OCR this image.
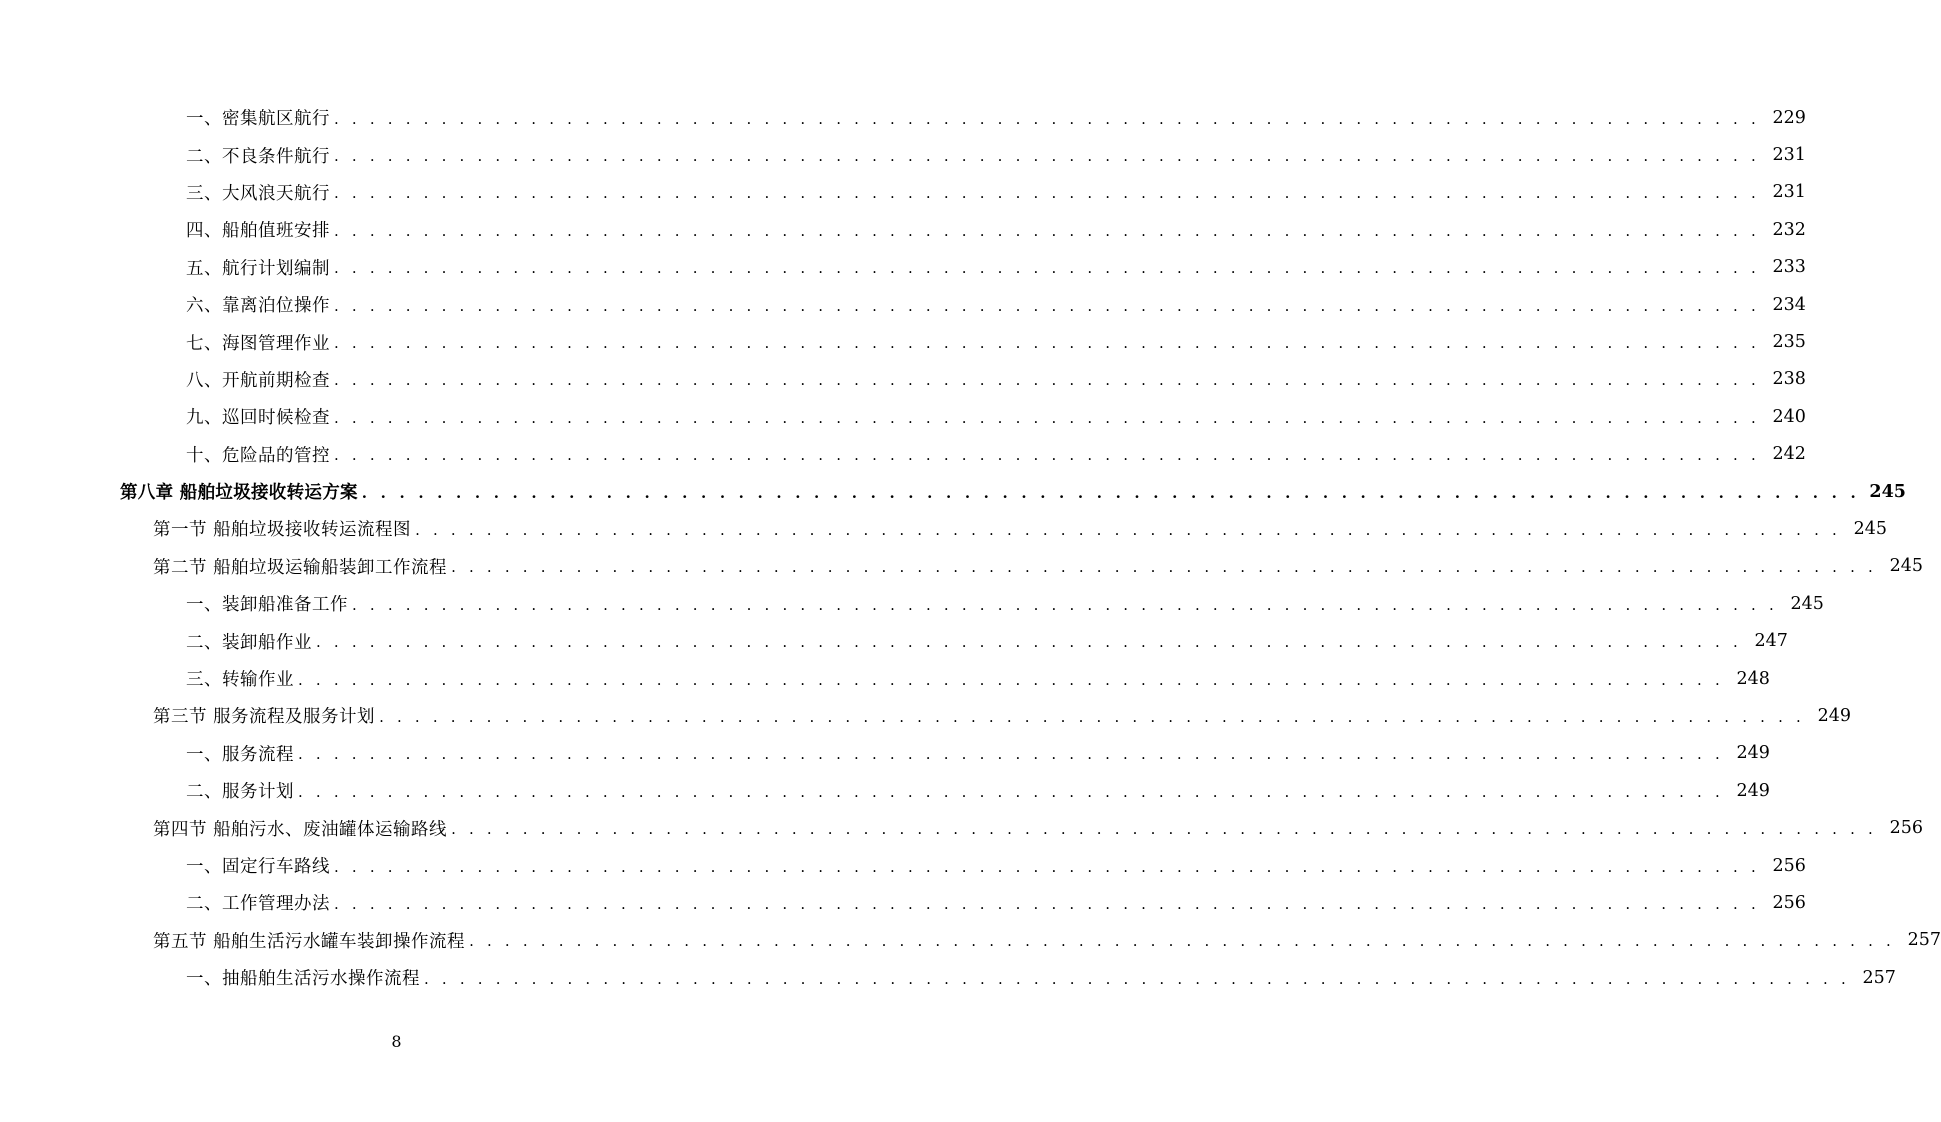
一、密集航区航行 . . . . . . . . . . . . . . . . . . . . . . . . . . . . . . . . . . . . . . . . . . . . . . . . . . . . . . . . . . . . . . . . . . . . . . . . . . . . . . . . 229
二、不良条件航行 . . . . . . . . . . . . . . . . . . . . . . . . . . . . . . . . . . . . . . . . . . . . . . . . . . . . . . . . . . . . . . . . . . . . . . . . . . . . . . . . 231
三、大风浪天航行 . . . . . . . . . . . . . . . . . . . . . . . . . . . . . . . . . . . . . . . . . . . . . . . . . . . . . . . . . . . . . . . . . . . . . . . . . . . . . . . . 231
四、船舶值班安排 . . . . . . . . . . . . . . . . . . . . . . . . . . . . . . . . . . . . . . . . . . . . . . . . . . . . . . . . . . . . . . . . . . . . . . . . . . . . . . . . 232
五、航行计划编制 . . . . . . . . . . . . . . . . . . . . . . . . . . . . . . . . . . . . . . . . . . . . . . . . . . . . . . . . . . . . . . . . . . . . . . . . . . . . . . . . 233
六、靠离泊位操作 . . . . . . . . . . . . . . . . . . . . . . . . . . . . . . . . . . . . . . . . . . . . . . . . . . . . . . . . . . . . . . . . . . . . . . . . . . . . . . . . 234
七、海图管理作业 . . . . . . . . . . . . . . . . . . . . . . . . . . . . . . . . . . . . . . . . . . . . . . . . . . . . . . . . . . . . . . . . . . . . . . . . . . . . . . . . 235
八、开航前期检查 . . . . . . . . . . . . . . . . . . . . . . . . . . . . . . . . . . . . . . . . . . . . . . . . . . . . . . . . . . . . . . . . . . . . . . . . . . . . . . . . 238
九、巡回时候检查 . . . . . . . . . . . . . . . . . . . . . . . . . . . . . . . . . . . . . . . . . . . . . . . . . . . . . . . . . . . . . . . . . . . . . . . . . . . . . . . . 240
十、危险品的管控 . . . . . . . . . . . . . . . . . . . . . . . . . . . . . . . . . . . . . . . . . . . . . . . . . . . . . . . . . . . . . . . . . . . . . . . . . . . . . . . . 242
第八章 船舶垃圾接收转运方案 . . . . . . . . . . . . . . . . . . . . . . . . . . . . . . . . . . . . . . . . . . . . . . . . . . . . . . . . . . . . . . . . . . . . . . . . . . . . . . . . 245
第一节 船舶垃圾接收转运流程图 . . . . . . . . . . . . . . . . . . . . . . . . . . . . . . . . . . . . . . . . . . . . . . . . . . . . . . . . . . . . . . . . . . . . . . . . . . . . . . . . 245
第二节 船舶垃圾运输船装卸工作流程 . . . . . . . . . . . . . . . . . . . . . . . . . . . . . . . . . . . . . . . . . . . . . . . . . . . . . . . . . . . . . . . . . . . . . . . . . . . . . . . . 245
一、装卸船准备工作 . . . . . . . . . . . . . . . . . . . . . . . . . . . . . . . . . . . . . . . . . . . . . . . . . . . . . . . . . . . . . . . . . . . . . . . . . . . . . . . . 245
二、装卸船作业 . . . . . . . . . . . . . . . . . . . . . . . . . . . . . . . . . . . . . . . . . . . . . . . . . . . . . . . . . . . . . . . . . . . . . . . . . . . . . . . . 247
三、转输作业 . . . . . . . . . . . . . . . . . . . . . . . . . . . . . . . . . . . . . . . . . . . . . . . . . . . . . . . . . . . . . . . . . . . . . . . . . . . . . . . . 248
第三节 服务流程及服务计划 . . . . . . . . . . . . . . . . . . . . . . . . . . . . . . . . . . . . . . . . . . . . . . . . . . . . . . . . . . . . . . . . . . . . . . . . . . . . . . . . 249
一、服务流程 . . . . . . . . . . . . . . . . . . . . . . . . . . . . . . . . . . . . . . . . . . . . . . . . . . . . . . . . . . . . . . . . . . . . . . . . . . . . . . . . 249
二、服务计划 . . . . . . . . . . . . . . . . . . . . . . . . . . . . . . . . . . . . . . . . . . . . . . . . . . . . . . . . . . . . . . . . . . . . . . . . . . . . . . . . 249
第四节 船舶污水、废油罐体运输路线 . . . . . . . . . . . . . . . . . . . . . . . . . . . . . . . . . . . . . . . . . . . . . . . . . . . . . . . . . . . . . . . . . . . . . . . . . . . . . . . . 256
一、固定行车路线 . . . . . . . . . . . . . . . . . . . . . . . . . . . . . . . . . . . . . . . . . . . . . . . . . . . . . . . . . . . . . . . . . . . . . . . . . . . . . . . . 256
二、工作管理办法 . . . . . . . . . . . . . . . . . . . . . . . . . . . . . . . . . . . . . . . . . . . . . . . . . . . . . . . . . . . . . . . . . . . . . . . . . . . . . . . . 256
第五节 船舶生活污水罐车装卸操作流程 . . . . . . . . . . . . . . . . . . . . . . . . . . . . . . . . . . . . . . . . . . . . . . . . . . . . . . . . . . . . . . . . . . . . . . . . . . . . . . . . 257
一、抽船舶生活污水操作流程 . . . . . . . . . . . . . . . . . . . . . . . . . . . . . . . . . . . . . . . . . . . . . . . . . . . . . . . . . . . . . . . . . . . . . . . . . . . . . . . . 257
8
